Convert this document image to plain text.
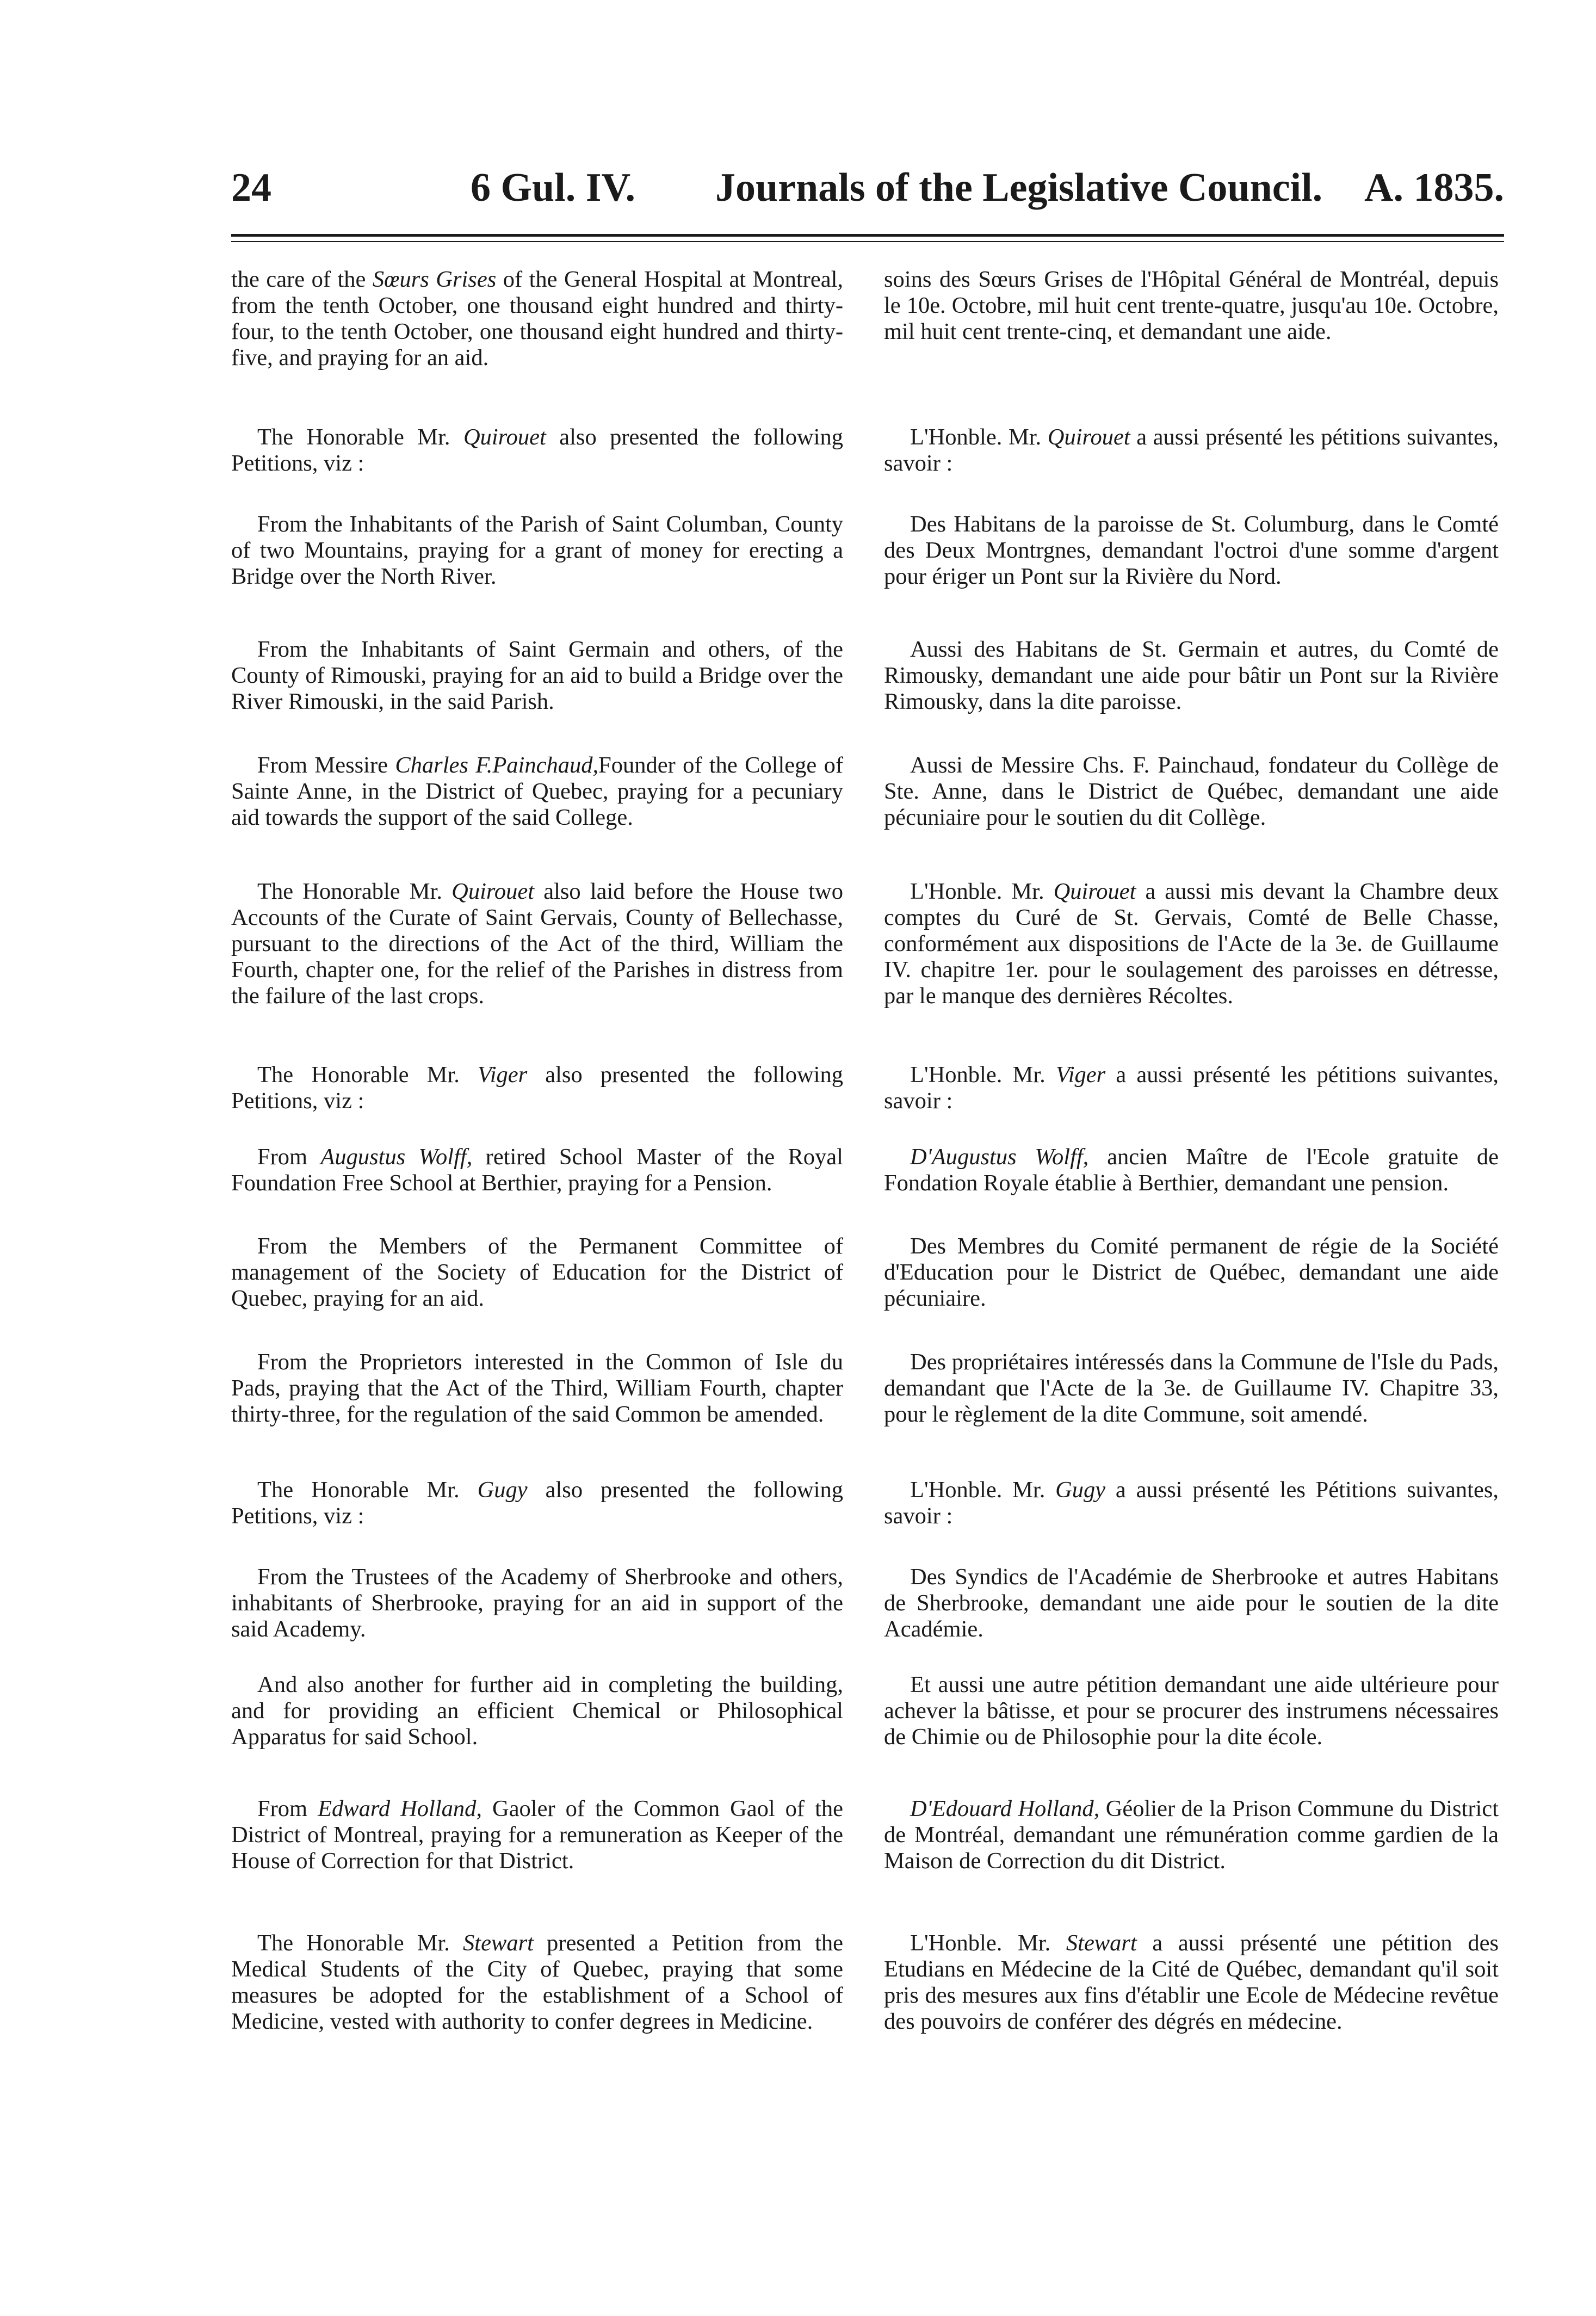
24	6 Gul. IV. Journals of the Legislative Council. A. 1835.

the care of the Sœurs Grises of the General Hospital at Montreal, from the tenth October, one thousand eight hundred and thirty-four, to the tenth October, one thousand eight hundred and thirty-five, and praying for an aid.

The Honorable Mr. Quirouet also presented the following Petitions, viz :

From the Inhabitants of the Parish of Saint Columban, County of two Mountains, praying for a grant of money for erecting a Bridge over the North River.

From the Inhabitants of Saint Germain and others, of the County of Rimouski, praying for an aid to build a Bridge over the River Rimouski, in the said Parish.

From Messire Charles F.Painchaud,Founder of the College of Sainte Anne, in the District of Quebec, praying for a pecuniary aid towards the support of the said College.

The Honorable Mr. Quirouet also laid before the House two Accounts of the Curate of Saint Gervais, County of Bellechasse, pursuant to the directions of the Act of the third, William the Fourth, chapter one, for the relief of the Parishes in distress from the failure of the last crops.

The Honorable Mr. Viger also presented the following Petitions, viz :

From Augustus Wolff, retired School Master of the Royal Foundation Free School at Berthier, praying for a Pension.

From the Members of the Permanent Committee of management of the Society of Education for the District of Quebec, praying for an aid.

From the Proprietors interested in the Common of Isle du Pads, praying that the Act of the Third, William Fourth, chapter thirty-three, for the regulation of the said Common be amended.

The Honorable Mr. Gugy also presented the following Petitions, viz :

From the Trustees of the Academy of Sherbrooke and others, inhabitants of Sherbrooke, praying for an aid in support of the said Academy.

And also another for further aid in completing the building, and for providing an efficient Chemical or Philosophical Apparatus for said School.

From Edward Holland, Gaoler of the Common Gaol of the District of Montreal, praying for a remuneration as Keeper of the House of Correction for that District.

The Honorable Mr. Stewart presented a Petition from the Medical Students of the City of Quebec, praying that some measures be adopted for the establishment of a School of Medicine, vested with authority to confer degrees in Medicine.

soins des Sœurs Grises de l'Hôpital Général de Montréal, depuis le 10e. Octobre, mil huit cent trente-quatre, jusqu'au 10e. Octobre, mil huit cent trente-cinq, et demandant une aide.

L'Honble. Mr. Quirouet a aussi présenté les pétitions suivantes, savoir :

Des Habitans de la paroisse de St. Columburg, dans le Comté des Deux Montrgnes, demandant l'octroi d'une somme d'argent pour ériger un Pont sur la Rivière du Nord.

Aussi des Habitans de St. Germain et autres, du Comté de Rimousky, demandant une aide pour bâtir un Pont sur la Rivière Rimousky, dans la dite paroisse.

Aussi de Messire Chs. F. Painchaud, fondateur du Collège de Ste. Anne, dans le District de Québec, demandant une aide pécuniaire pour le soutien du dit Collège.

L'Honble. Mr. Quirouet a aussi mis devant la Chambre deux comptes du Curé de St. Gervais, Comté de Belle Chasse, conformément aux dispositions de l'Acte de la 3e. de Guillaume IV. chapitre 1er. pour le soulagement des paroisses en détresse, par le manque des dernières Récoltes.

L'Honble. Mr. Viger a aussi présenté les pétitions suivantes, savoir :

D'Augustus Wolff, ancien Maître de l'Ecole gratuite de Fondation Royale établie à Berthier, demandant une pension.

Des Membres du Comité permanent de régie de la Société d'Education pour le District de Québec, demandant une aide pécuniaire.

Des propriétaires intéressés dans la Commune de l'Isle du Pads, demandant que l'Acte de la 3e. de Guillaume IV. Chapitre 33, pour le règlement de la dite Commune, soit amendé.

L'Honble. Mr. Gugy a aussi présenté les Pétitions suivantes, savoir :

Des Syndics de l'Académie de Sherbrooke et autres Habitans de Sherbrooke, demandant une aide pour le soutien de la dite Académie.

Et aussi une autre pétition demandant une aide ultérieure pour achever la bâtisse, et pour se procurer des instrumens nécessaires de Chimie ou de Philosophie pour la dite école.

D'Edouard Holland, Géolier de la Prison Commune du District de Montréal, demandant une rémunération comme gardien de la Maison de Correction du dit District.

L'Honble. Mr. Stewart a aussi présenté une pétition des Etudians en Médecine de la Cité de Québec, demandant qu'il soit pris des mesures aux fins d'établir une Ecole de Médecine revêtue des pouvoirs de conférer des dégrés en médecine.
